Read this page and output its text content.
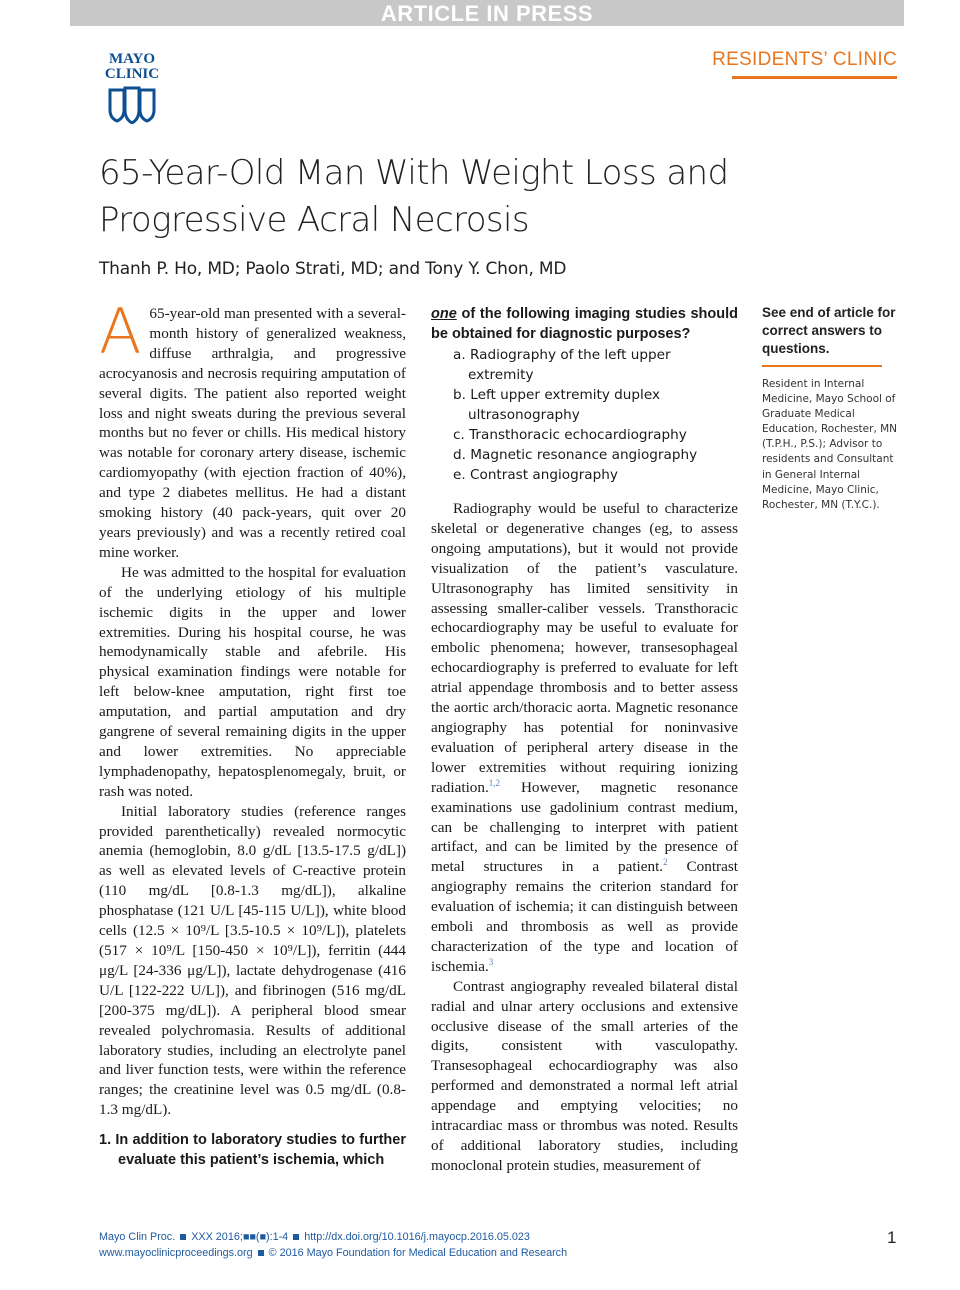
ARTICLE IN PRESS
MAYO
CLINIC
RESIDENTS’ CLINIC
65-Year-Old Man With Weight Loss and Progressive Acral Necrosis
Thanh P. Ho, MD; Paolo Strati, MD; and Tony Y. Chon, MD

A 65-year-old man presented with a several-month history of generalized weakness, diffuse arthralgia, and progressive acrocyanosis and necrosis requiring amputation of several digits. The patient also reported weight loss and night sweats during the previous several months but no fever or chills. His medical history was notable for coronary artery disease, ischemic cardiomyopathy (with ejection fraction of 40%), and type 2 diabetes mellitus. He had a distant smoking history (40 pack-years, quit over 20 years previously) and was a recently retired coal mine worker.

He was admitted to the hospital for evaluation of the underlying etiology of his multiple ischemic digits in the upper and lower extremities. During his hospital course, he was hemodynamically stable and afebrile. His physical examination findings were notable for left below-knee amputation, right first toe amputation, and partial amputation and dry gangrene of several remaining digits in the upper and lower extremities. No appreciable lymphadenopathy, hepatosplenomegaly, bruit, or rash was noted.

Initial laboratory studies (reference ranges provided parenthetically) revealed normocytic anemia (hemoglobin, 8.0 g/dL [13.5-17.5 g/dL]) as well as elevated levels of C-reactive protein (110 mg/dL [0.8-1.3 mg/dL]), alkaline phosphatase (121 U/L [45-115 U/L]), white blood cells (12.5 × 10⁹/L [3.5-10.5 × 10⁹/L]), platelets (517 × 10⁹/L [150-450 × 10⁹/L]), ferritin (444 μg/L [24-336 μg/L]), lactate dehydrogenase (416 U/L [122-222 U/L]), and fibrinogen (516 mg/dL [200-375 mg/dL]). A peripheral blood smear revealed polychromasia. Results of additional laboratory studies, including an electrolyte panel and liver function tests, were within the reference ranges; the creatinine level was 0.5 mg/dL (0.8-1.3 mg/dL).

1. In addition to laboratory studies to further evaluate this patient’s ischemia, which

one of the following imaging studies should be obtained for diagnostic purposes?

a. Radiography of the left upper extremity
b. Left upper extremity duplex ultrasonography
c. Transthoracic echocardiography
d. Magnetic resonance angiography
e. Contrast angiography

Radiography would be useful to characterize skeletal or degenerative changes (eg, to assess ongoing amputations), but it would not provide visualization of the patient’s vasculature. Ultrasonography has limited sensitivity in assessing smaller-caliber vessels. Transthoracic echocardiography may be useful to evaluate for embolic phenomena; however, transesophageal echocardiography is preferred to evaluate for left atrial appendage thrombosis and to better assess the aortic arch/thoracic aorta. Magnetic resonance angiography has potential for noninvasive evaluation of peripheral artery disease in the lower extremities without requiring ionizing radiation.$^{1,2}$ However, magnetic resonance examinations use gadolinium contrast medium, can be challenging to interpret with patient artifact, and can be limited by the presence of metal structures in a patient.$^2$ Contrast angiography remains the criterion standard for evaluation of ischemia; it can distinguish between emboli and thrombosis as well as provide characterization of the type and location of ischemia.$^3$

Contrast angiography revealed bilateral distal radial and ulnar artery occlusions and extensive occlusive disease of the small arteries of the digits, consistent with vasculopathy. Transesophageal echocardiography was also performed and demonstrated a normal left atrial appendage and emptying velocities; no intracardiac mass or thrombus was noted. Results of additional laboratory studies, including monoclonal protein studies, measurement of

See end of article for correct answers to questions.
Resident in Internal Medicine, Mayo School of Graduate Medical Education, Rochester, MN (T.P.H., P.S.); Advisor to residents and Consultant in General Internal Medicine, Mayo Clinic, Rochester, MN (T.Y.C.).
Mayo Clin Proc. XXX 2016;■■(■):1-4 http://dx.doi.org/10.1016/j.mayocp.2016.05.023
www.mayoclinicproceedings.org © 2016 Mayo Foundation for Medical Education and Research
1
